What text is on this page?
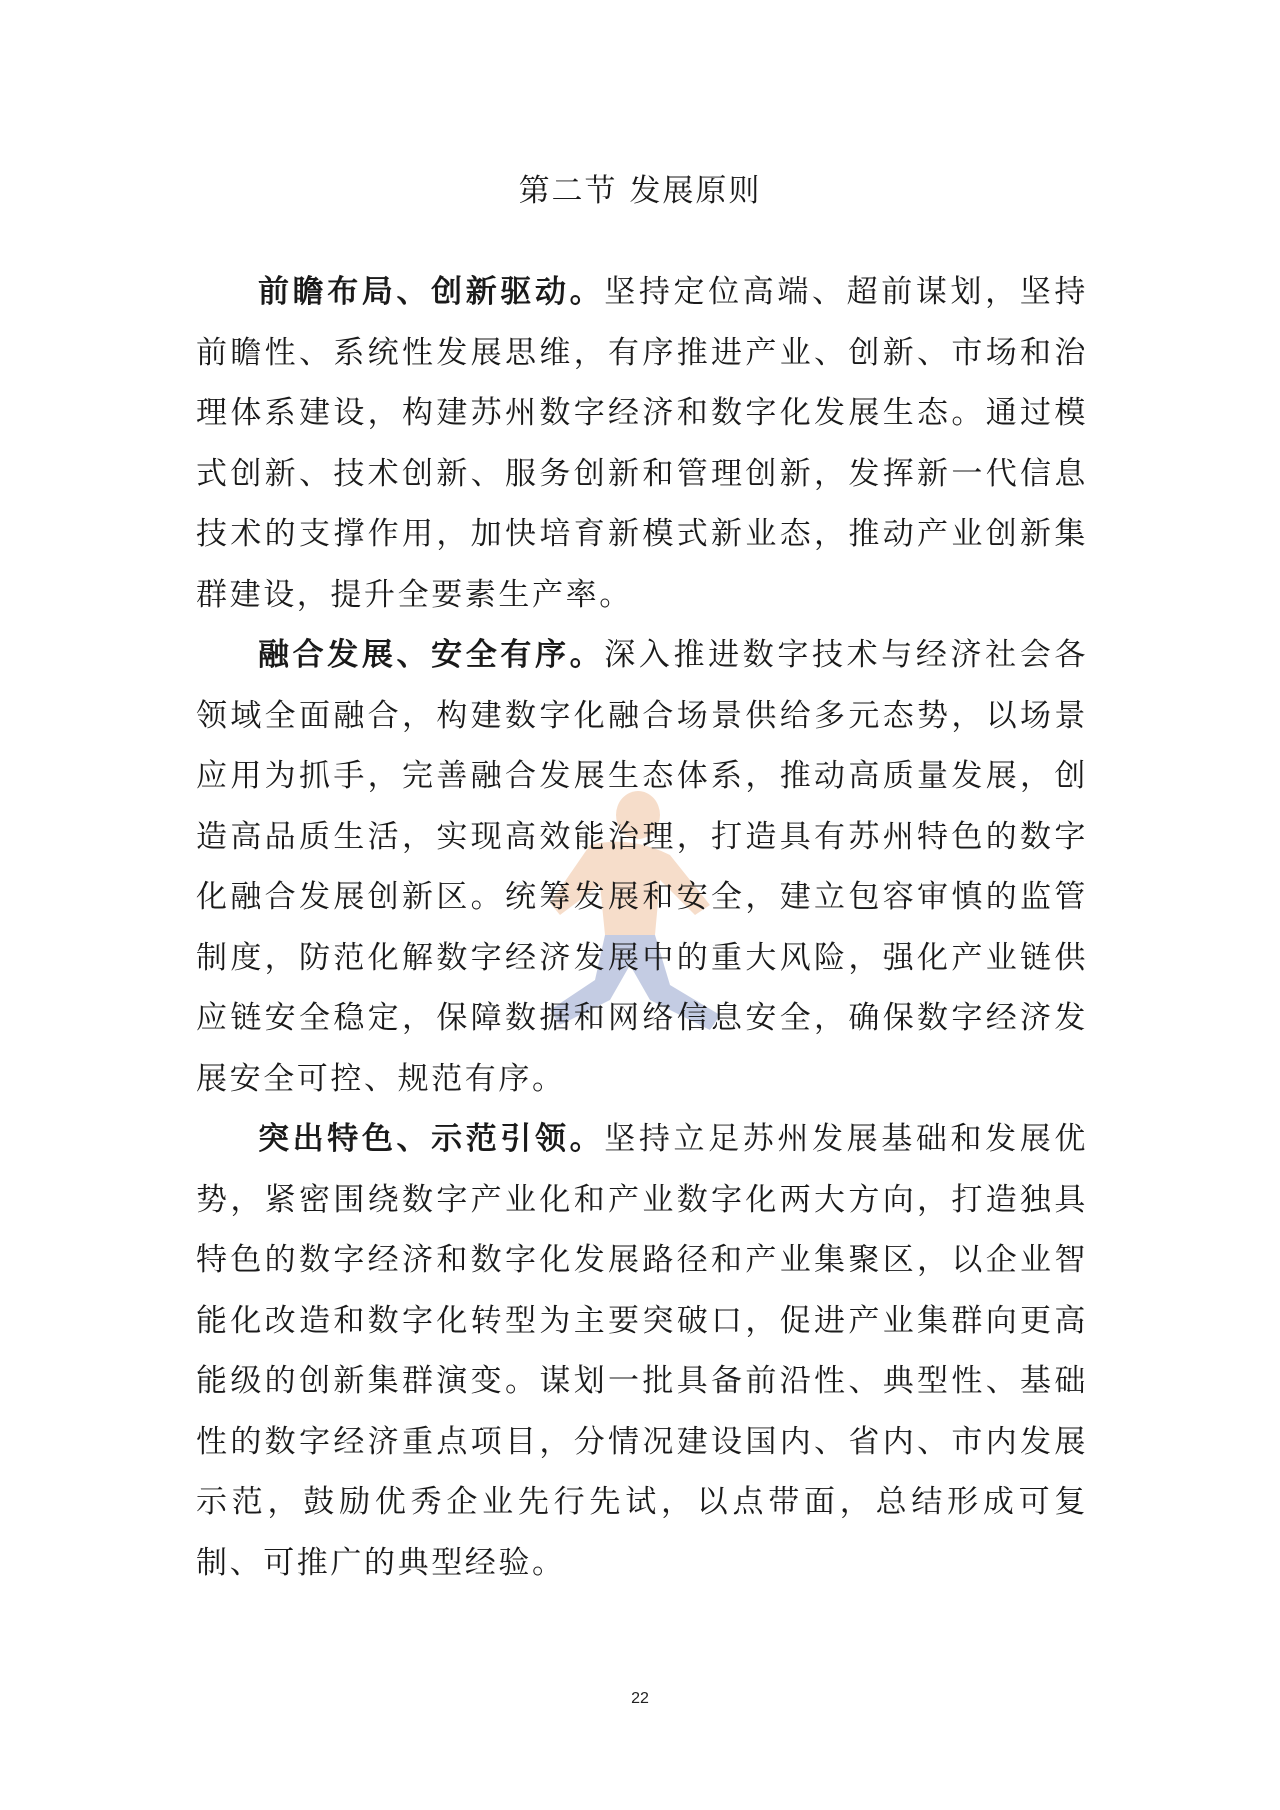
第二节 发展原则

前瞻布局、创新驱动。坚持定位高端、超前谋划，坚持前瞻性、系统性发展思维，有序推进产业、创新、市场和治理体系建设，构建苏州数字经济和数字化发展生态。通过模式创新、技术创新、服务创新和管理创新，发挥新一代信息技术的支撑作用，加快培育新模式新业态，推动产业创新集群建设，提升全要素生产率。

融合发展、安全有序。深入推进数字技术与经济社会各领域全面融合，构建数字化融合场景供给多元态势，以场景应用为抓手，完善融合发展生态体系，推动高质量发展，创造高品质生活，实现高效能治理，打造具有苏州特色的数字化融合发展创新区。统筹发展和安全，建立包容审慎的监管制度，防范化解数字经济发展中的重大风险，强化产业链供应链安全稳定，保障数据和网络信息安全，确保数字经济发展安全可控、规范有序。

突出特色、示范引领。坚持立足苏州发展基础和发展优势，紧密围绕数字产业化和产业数字化两大方向，打造独具特色的数字经济和数字化发展路径和产业集聚区，以企业智能化改造和数字化转型为主要突破口，促进产业集群向更高能级的创新集群演变。谋划一批具备前沿性、典型性、基础性的数字经济重点项目，分情况建设国内、省内、市内发展示范，鼓励优秀企业先行先试，以点带面，总结形成可复制、可推广的典型经验。

22
